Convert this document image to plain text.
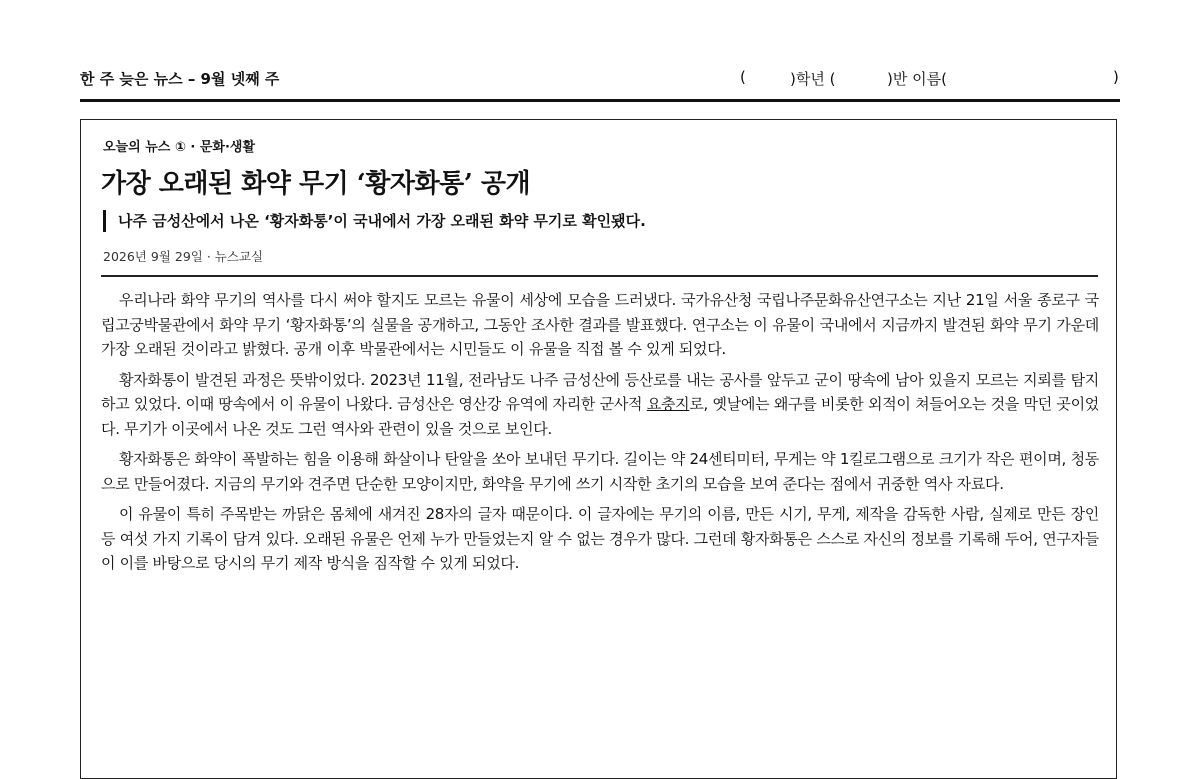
한 주 늦은 뉴스 – 9월 넷째 주	(	)학년 (	)반 이름(	)
오늘의 뉴스 ① · 문화·생활
가장 오래된 화약 무기 ‘황자화통’ 공개
나주 금성산에서 나온 ‘황자화통’이 국내에서 가장 오래된 화약 무기로 확인됐다.
2026년 9월 29일 · 뉴스교실

우리나라 화약 무기의 역사를 다시 써야 할지도 모르는 유물이 세상에 모습을 드러냈다. 국가유산청 국립나주문화유산연구소는 지난 21일 서울 종로구 국립고궁박물관에서 화약 무기 ‘황자화통’의 실물을 공개하고, 그동안 조사한 결과를 발표했다. 연구소는 이 유물이 국내에서 지금까지 발견된 화약 무기 가운데 가장 오래된 것이라고 밝혔다. 공개 이후 박물관에서는 시민들도 이 유물을 직접 볼 수 있게 되었다.

황자화통이 발견된 과정은 뜻밖이었다. 2023년 11월, 전라남도 나주 금성산에 등산로를 내는 공사를 앞두고 군이 땅속에 남아 있을지 모르는 지뢰를 탐지하고 있었다. 이때 땅속에서 이 유물이 나왔다. 금성산은 영산강 유역에 자리한 군사적 요충지로, 옛날에는 왜구를 비롯한 외적이 쳐들어오는 것을 막던 곳이었다. 무기가 이곳에서 나온 것도 그런 역사와 관련이 있을 것으로 보인다.

황자화통은 화약이 폭발하는 힘을 이용해 화살이나 탄알을 쏘아 보내던 무기다. 길이는 약 24센티미터, 무게는 약 1킬로그램으로 크기가 작은 편이며, 청동으로 만들어졌다. 지금의 무기와 견주면 단순한 모양이지만, 화약을 무기에 쓰기 시작한 초기의 모습을 보여 준다는 점에서 귀중한 역사 자료다.

이 유물이 특히 주목받는 까닭은 몸체에 새겨진 28자의 글자 때문이다. 이 글자에는 무기의 이름, 만든 시기, 무게, 제작을 감독한 사람, 실제로 만든 장인 등 여섯 가지 기록이 담겨 있다. 오래된 유물은 언제 누가 만들었는지 알 수 없는 경우가 많다. 그런데 황자화통은 스스로 자신의 정보를 기록해 두어, 연구자들이 이를 바탕으로 당시의 무기 제작 방식을 짐작할 수 있게 되었다.
